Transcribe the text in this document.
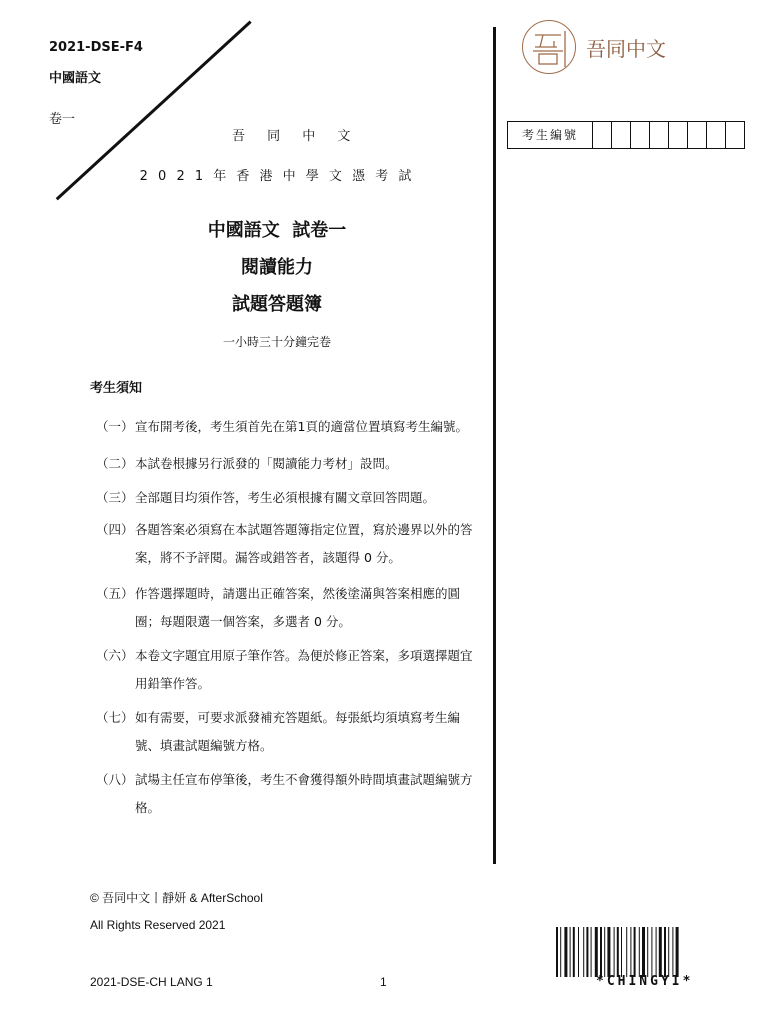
2021-DSE-F4
中國語文
卷一
吾 同 中 文
2 0 2 1 年 香 港 中 學 文 憑 考 試
中國語文  試卷一
閱讀能力
試題答題簿
一小時三十分鐘完卷
考生須知
（一） 宣布開考後，考生須首先在第1頁的適當位置填寫考生編號。
（二） 本試卷根據另行派發的「閱讀能力考材」設問。
（三） 全部題目均須作答，考生必須根據有關文章回答問題。
（四） 各題答案必須寫在本試題答題簿指定位置，寫於邊界以外的答案，將不予評閱。漏答或錯答者，該題得 0 分。
（五） 作答選擇題時，請選出正確答案，然後塗滿與答案相應的圓圈；每題限選一個答案，多選者 0 分。
（六） 本卷文字題宜用原子筆作答。為便於修正答案，多項選擇題宜用鉛筆作答。
（七） 如有需要，可要求派發補充答題紙。每張紙均須填寫考生編號、填畫試題編號方格。
（八） 試場主任宣布停筆後，考生不會獲得額外時間填畫試題編號方格。
吾同中文
考生編號
© 吾同中文丨靜妍 & AfterSchool
All Rights Reserved 2021
2021-DSE-CH LANG 1	1	*CHINGYI*
